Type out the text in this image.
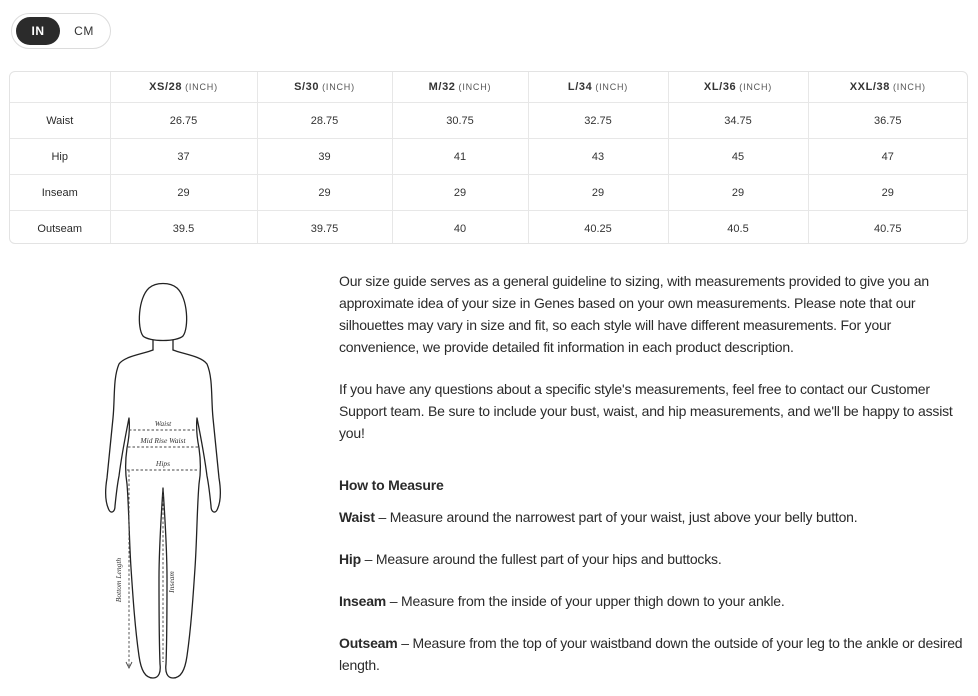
IN	CM
	XS/28 (INCH)	S/30 (INCH)	M/32 (INCH)	L/34 (INCH)	XL/36 (INCH)	XXL/38 (INCH)
Waist	26.75	28.75	30.75	32.75	34.75	36.75
Hip	37	39	41	43	45	47
Inseam	29	29	29	29	29	29
Outseam	39.5	39.75	40	40.25	40.5	40.75
Waist
Mid Rise Waist
Hips
Bottom Length	Inseam

Our size guide serves as a general guideline to sizing, with measurements provided to give you an approximate idea of your size in Genes based on your own measurements. Please note that our silhouettes may vary in size and fit, so each style will have different measurements. For your convenience, we provide detailed fit information in each product description.

If you have any questions about a specific style's measurements, feel free to contact our Customer Support team. Be sure to include your bust, waist, and hip measurements, and we'll be happy to assist you!

How to Measure

Waist – Measure around the narrowest part of your waist, just above your belly button.

Hip – Measure around the fullest part of your hips and buttocks.

Inseam – Measure from the inside of your upper thigh down to your ankle.

Outseam – Measure from the top of your waistband down the outside of your leg to the ankle or desired length.
